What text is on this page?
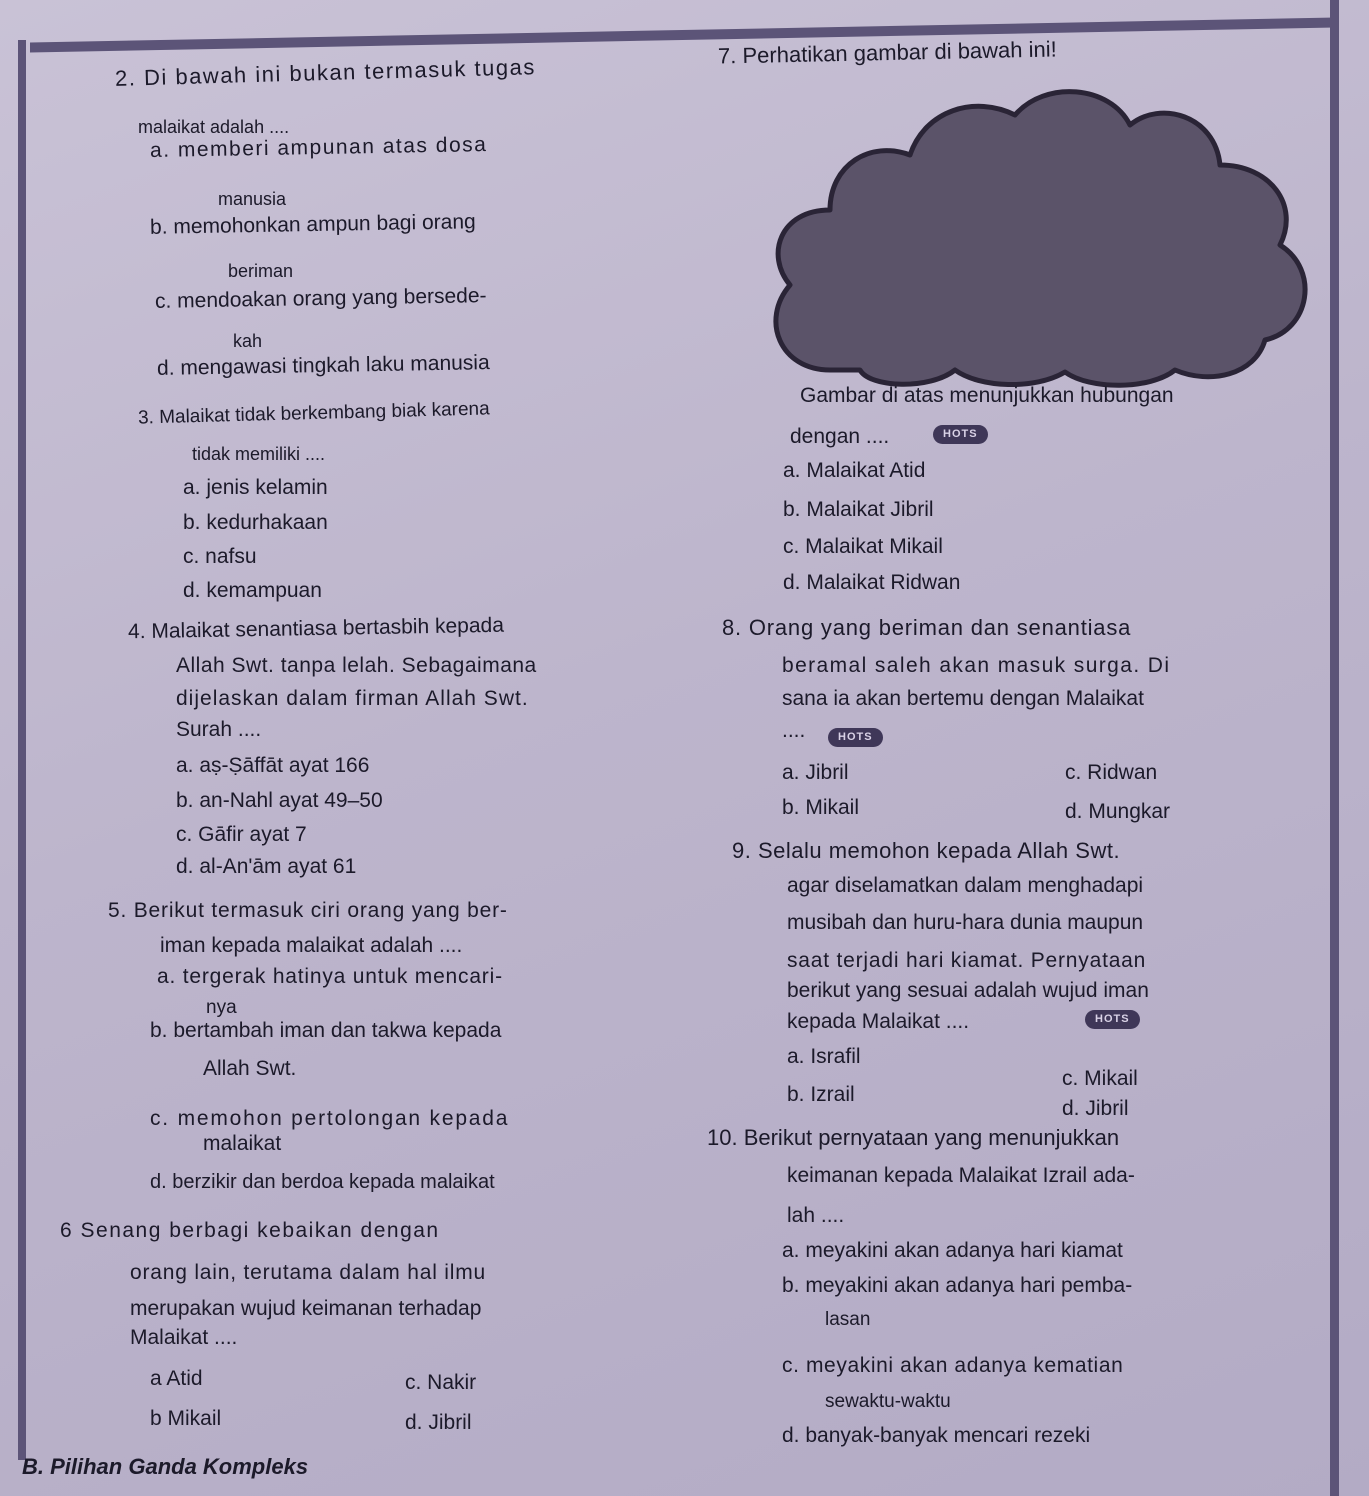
2. Di bawah ini bukan termasuk tugas
malaikat adalah ....
a. memberi ampunan atas dosa
manusia
b. memohonkan ampun bagi orang
beriman
c. mendoakan orang yang bersede-
kah
d. mengawasi tingkah laku manusia
3. Malaikat tidak berkembang biak karena
tidak memiliki ....
a. jenis kelamin
b. kedurhakaan
c. nafsu
d. kemampuan
4. Malaikat senantiasa bertasbih kepada
Allah Swt. tanpa lelah. Sebagaimana
dijelaskan dalam firman Allah Swt.
Surah ....
a. aṣ-Ṣāffāt ayat 166
b. an-Nahl ayat 49–50
c. Gāfir ayat 7
d. al-An'ām ayat 61
5. Berikut termasuk ciri orang yang ber-
iman kepada malaikat adalah ....
a. tergerak hatinya untuk mencari-
nya
b. bertambah iman dan takwa kepada
Allah Swt.
c. memohon pertolongan kepada
malaikat
d. berzikir dan berdoa kepada malaikat
6 Senang berbagi kebaikan dengan
orang lain, terutama dalam hal ilmu
merupakan wujud keimanan terhadap
Malaikat ....
a Atid
b Mikail
c. Nakir
d. Jibril
B. Pilihan Ganda Kompleks
7. Perhatikan gambar di bawah ini!
Gambar di atas menunjukkan hubungan
dengan ....	HOTS
a. Malaikat Atid
b. Malaikat Jibril
c. Malaikat Mikail
d. Malaikat Ridwan
8. Orang yang beriman dan senantiasa
beramal saleh akan masuk surga. Di
sana ia akan bertemu dengan Malaikat
....	HOTS
a. Jibril
b. Mikail
c. Ridwan
d. Mungkar
9. Selalu memohon kepada Allah Swt.
agar diselamatkan dalam menghadapi
musibah dan huru-hara dunia maupun
saat terjadi hari kiamat. Pernyataan
berikut yang sesuai adalah wujud iman
kepada Malaikat ....	HOTS
a. Israfil
b. Izrail
c. Mikail
d. Jibril
10. Berikut pernyataan yang menunjukkan
keimanan kepada Malaikat Izrail ada-
lah ....
a. meyakini akan adanya hari kiamat
b. meyakini akan adanya hari pemba-
lasan
c. meyakini akan adanya kematian
sewaktu-waktu
d. banyak-banyak mencari rezeki
